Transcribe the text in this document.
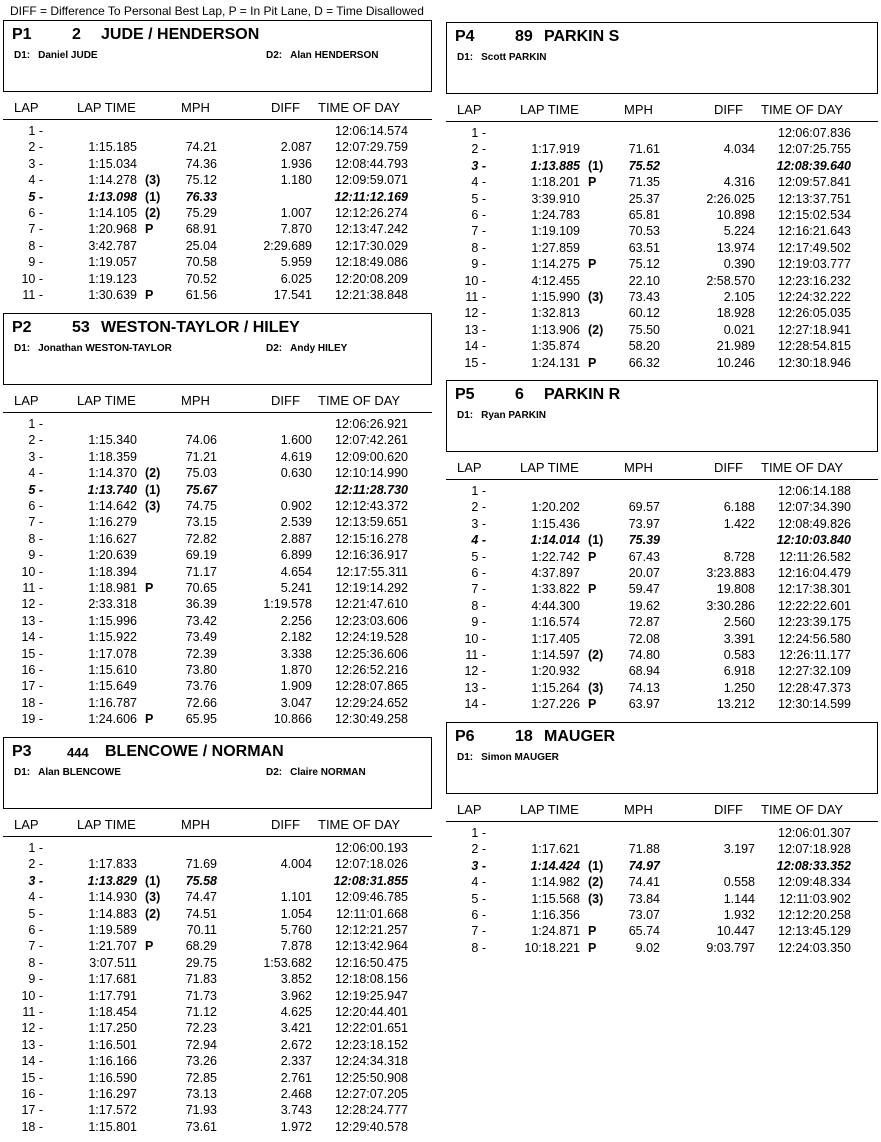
DIFF = Difference To Personal Best Lap, P = In Pit Lane, D = Time Disallowed
P1	2 JUDE / HENDERSON
D1: Daniel JUDE	D2: Alan HENDERSON
LAP	LAP TIME	MPH	DIFF TIME OF DAY
1 -	12:06:14.574
2 -	1:15.185	74.21	2.087 12:07:29.759
3 -	1:15.034	74.36	1.936 12:08:44.793
4 -	1:14.278 (3) 75.12	1.180 12:09:59.071
5 -	1:13.098 (1) 76.33	12:11:12.169
6 -	1:14.105 (2) 75.29	1.007 12:12:26.274
7 -	1:20.968 P	68.91	7.870 12:13:47.242
8 -	3:42.787	25.04	2:29.689 12:17:30.029
9 -	1:19.057	70.58	5.959 12:18:49.086
10 -	1:19.123	70.52	6.025 12:20:08.209
11 -	1:30.639 P	61.56	17.541 12:21:38.848
P2	53 WESTON-TAYLOR / HILEY
D1: Jonathan WESTON-TAYLOR	D2: Andy HILEY
LAP	LAP TIME	MPH	DIFF TIME OF DAY
1 -	12:06:26.921
2 -	1:15.340	74.06	1.600 12:07:42.261
3 -	1:18.359	71.21	4.619 12:09:00.620
4 -	1:14.370 (2) 75.03	0.630 12:10:14.990
5 -	1:13.740 (1) 75.67	12:11:28.730
6 -	1:14.642 (3) 74.75	0.902 12:12:43.372
7 -	1:16.279	73.15	2.539 12:13:59.651
8 -	1:16.627	72.82	2.887 12:15:16.278
9 -	1:20.639	69.19	6.899 12:16:36.917
10 -	1:18.394	71.17	4.654 12:17:55.311
11 -	1:18.981 P	70.65	5.241 12:19:14.292
12 -	2:33.318	36.39	1:19.578 12:21:47.610
13 -	1:15.996	73.42	2.256 12:23:03.606
14 -	1:15.922	73.49	2.182 12:24:19.528
15 -	1:17.078	72.39	3.338 12:25:36.606
16 -	1:15.610	73.80	1.870 12:26:52.216
17 -	1:15.649	73.76	1.909 12:28:07.865
18 -	1:16.787	72.66	3.047 12:29:24.652
19 -	1:24.606 P	65.95	10.866 12:30:49.258
P3	444 BLENCOWE / NORMAN
D1: Alan BLENCOWE	D2: Claire NORMAN
LAP	LAP TIME	MPH	DIFF TIME OF DAY
1 -	12:06:00.193
2 -	1:17.833	71.69	4.004 12:07:18.026
3 -	1:13.829 (1) 75.58	12:08:31.855
4 -	1:14.930 (3) 74.47	1.101 12:09:46.785
5 -	1:14.883 (2) 74.51	1.054 12:11:01.668
6 -	1:19.589	70.11	5.760 12:12:21.257
7 -	1:21.707 P	68.29	7.878 12:13:42.964
8 -	3:07.511	29.75	1:53.682 12:16:50.475
9 -	1:17.681	71.83	3.852 12:18:08.156
10 -	1:17.791	71.73	3.962 12:19:25.947
11 -	1:18.454	71.12	4.625 12:20:44.401
12 -	1:17.250	72.23	3.421 12:22:01.651
13 -	1:16.501	72.94	2.672 12:23:18.152
14 -	1:16.166	73.26	2.337 12:24:34.318
15 -	1:16.590	72.85	2.761 12:25:50.908
16 -	1:16.297	73.13	2.468 12:27:07.205
17 -	1:17.572	71.93	3.743 12:28:24.777
18 -	1:15.801	73.61	1.972 12:29:40.578
P4	89 PARKIN S
D1: Scott PARKIN
LAP	LAP TIME	MPH	DIFF TIME OF DAY
1 -	12:06:07.836
2 -	1:17.919	71.61	4.034 12:07:25.755
3 -	1:13.885 (1) 75.52	12:08:39.640
4 -	1:18.201 P	71.35	4.316 12:09:57.841
5 -	3:39.910	25.37	2:26.025 12:13:37.751
6 -	1:24.783	65.81	10.898 12:15:02.534
7 -	1:19.109	70.53	5.224 12:16:21.643
8 -	1:27.859	63.51	13.974 12:17:49.502
9 -	1:14.275 P	75.12	0.390 12:19:03.777
10 -	4:12.455	22.10	2:58.570 12:23:16.232
11 -	1:15.990 (3) 73.43	2.105 12:24:32.222
12 -	1:32.813	60.12	18.928 12:26:05.035
13 -	1:13.906 (2) 75.50	0.021 12:27:18.941
14 -	1:35.874	58.20	21.989 12:28:54.815
15 -	1:24.131 P	66.32	10.246 12:30:18.946
P5	6 PARKIN R
D1: Ryan PARKIN
LAP	LAP TIME	MPH	DIFF TIME OF DAY
1 -	12:06:14.188
2 -	1:20.202	69.57	6.188 12:07:34.390
3 -	1:15.436	73.97	1.422 12:08:49.826
4 -	1:14.014 (1) 75.39	12:10:03.840
5 -	1:22.742 P	67.43	8.728 12:11:26.582
6 -	4:37.897	20.07	3:23.883 12:16:04.479
7 -	1:33.822 P	59.47	19.808 12:17:38.301
8 -	4:44.300	19.62	3:30.286 12:22:22.601
9 -	1:16.574	72.87	2.560 12:23:39.175
10 -	1:17.405	72.08	3.391 12:24:56.580
11 -	1:14.597 (2) 74.80	0.583 12:26:11.177
12 -	1:20.932	68.94	6.918 12:27:32.109
13 -	1:15.264 (3) 74.13	1.250 12:28:47.373
14 -	1:27.226 P	63.97	13.212 12:30:14.599
P6	18 MAUGER
D1: Simon MAUGER
LAP	LAP TIME	MPH	DIFF TIME OF DAY
1 -	12:06:01.307
2 -	1:17.621	71.88	3.197 12:07:18.928
3 -	1:14.424 (1) 74.97	12:08:33.352
4 -	1:14.982 (2) 74.41	0.558 12:09:48.334
5 -	1:15.568 (3) 73.84	1.144 12:11:03.902
6 -	1:16.356	73.07	1.932 12:12:20.258
7 -	1:24.871 P	65.74	10.447 12:13:45.129
8 -	10:18.221 P	9.02	9:03.797 12:24:03.350
